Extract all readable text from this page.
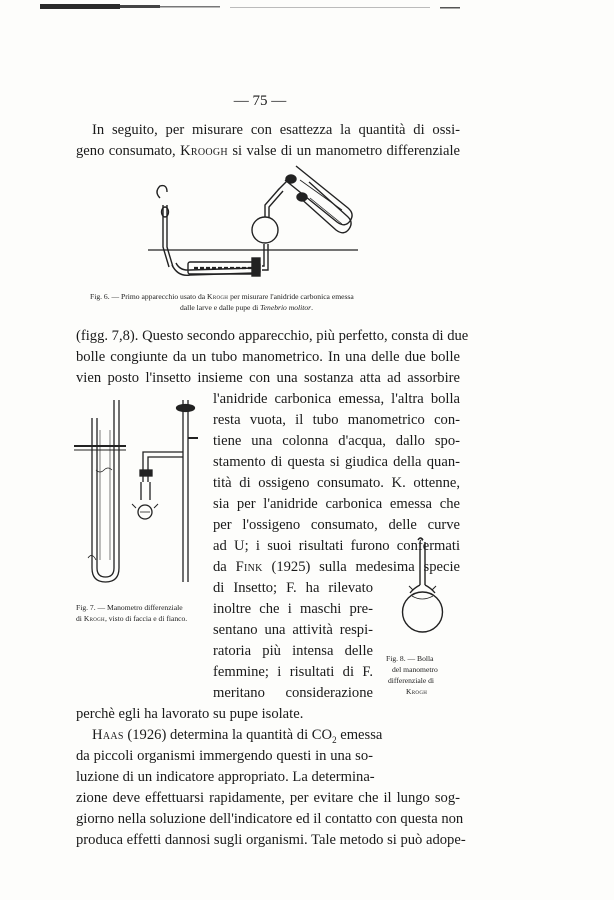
— 75 —
In seguito, per misurare con esattezza la quantità di ossi-
geno consumato, Kroogh si valse di un manometro differenziale
Fig. 6. — Primo apparecchio usato da Krogh per misurare l'anidride carbonica emessa
dalle larve e dalle pupe di Tenebrio molitor.
(figg. 7,8). Questo secondo apparecchio, più perfetto, consta di due
bolle congiunte da un tubo manometrico. In una delle due bolle
vien posto l'insetto insieme con una sostanza atta ad assorbire
l'anidride carbonica emessa, l'altra bolla
resta vuota, il tubo manometrico con-
tiene una colonna d'acqua, dallo spo-
stamento di questa si giudica della quan-
tità di ossigeno consumato. K. ottenne,
sia per l'anidride carbonica emessa che
per l'ossigeno consumato, delle curve
ad U; i suoi risultati furono confermati
da Fink (1925) sulla medesima specie
di Insetto; F. ha rilevato
inoltre che i maschi pre-
sentano una attività respi-
ratoria più intensa delle
femmine; i risultati di F.
meritano considerazione
perchè egli ha lavorato su pupe isolate.
Fig. 7. — Manometro differenziale
di Krogh, visto di faccia e di fianco.
Fig. 8. — Bolla
del manometro
differenziale di
Krogh
Haas (1926) determina la quantità di $CO_2$ emessa
da piccoli organismi immergendo questi in una so-
luzione di un indicatore appropriato. La determina-
zione deve effettuarsi rapidamente, per evitare che il lungo sog-
giorno nella soluzione dell'indicatore ed il contatto con questa non
produca effetti dannosi sugli organismi. Tale metodo si può adope-
